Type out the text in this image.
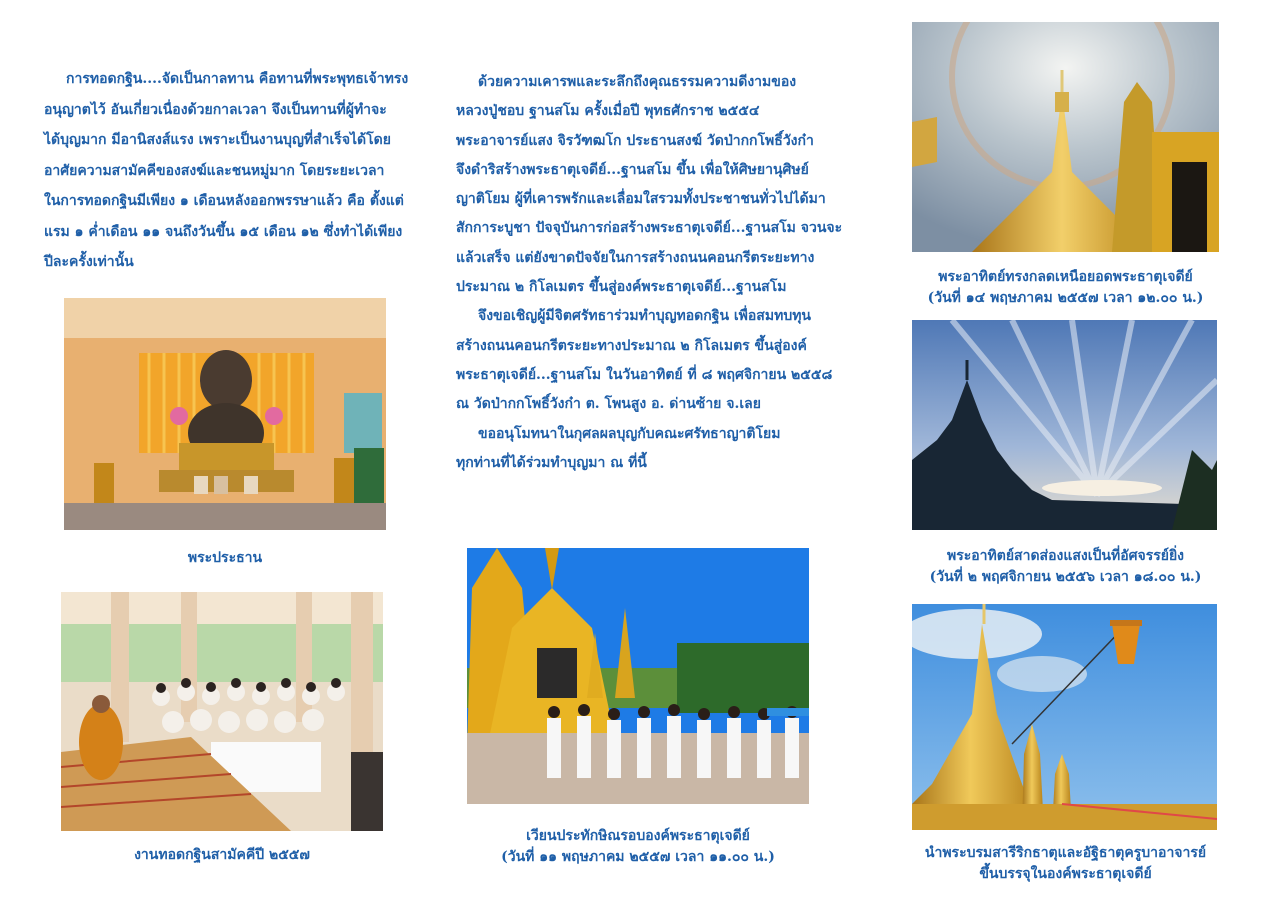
การทอดกฐิน....จัดเป็นกาลทาน คือทานที่พระพุทธเจ้าทรง

อนุญาตไว้ อันเกี่ยวเนื่องด้วยกาลเวลา จึงเป็นทานที่ผู้ทำจะ

ได้บุญมาก มีอานิสงส์แรง เพราะเป็นงานบุญที่สำเร็จได้โดย

อาศัยความสามัคคีของสงฆ์และชนหมู่มาก โดยระยะเวลา

ในการทอดกฐินมีเพียง ๑ เดือนหลังออกพรรษาแล้ว คือ ตั้งแต่

แรม ๑ ค่ำเดือน ๑๑ จนถึงวันขึ้น ๑๕ เดือน ๑๒ ซึ่งทำได้เพียง

ปีละครั้งเท่านั้น

ด้วยความเคารพและระลึกถึงคุณธรรมความดีงามของ

หลวงปู่ชอบ ฐานสโม ครั้งเมื่อปี พุทธศักราช ๒๕๕๔

พระอาจารย์แสง จิรวัฑฒโก ประธานสงฆ์ วัดป่ากกโพธิ์วังก๋า

จึงดำริสร้างพระธาตุเจดีย์...ฐานสโม ขึ้น เพื่อให้ศิษยานุศิษย์

ญาติโยม ผู้ที่เคารพรักและเลื่อมใสรวมทั้งประชาชนทั่วไปได้มา

สักการะบูชา ปัจจุบันการก่อสร้างพระธาตุเจดีย์...ฐานสโม จวนจะ

แล้วเสร็จ แต่ยังขาดปัจจัยในการสร้างถนนคอนกรีตระยะทาง

ประมาณ ๒ กิโลเมตร ขึ้นสู่องค์พระธาตุเจดีย์...ฐานสโม

จึงขอเชิญผู้มีจิตศรัทธาร่วมทำบุญทอดกฐิน เพื่อสมทบทุน

สร้างถนนคอนกรีตระยะทางประมาณ ๒ กิโลเมตร ขึ้นสู่องค์

พระธาตุเจดีย์...ฐานสโม ในวันอาทิตย์ ที่ ๘ พฤศจิกายน ๒๕๕๘

ณ วัดป่ากกโพธิ์วังก๋า ต. โพนสูง อ. ด่านซ้าย จ.เลย

ขออนุโมทนาในกุศลผลบุญกับคณะศรัทธาญาติโยม

ทุกท่านที่ได้ร่วมทำบุญมา ณ ที่นี้

พระประธาน
งานทอดกฐินสามัคคีปี ๒๕๕๗
เวียนประทักษิณรอบองค์พระธาตุเจดีย์
(วันที่ ๑๑ พฤษภาคม ๒๕๕๗ เวลา ๑๑.๐๐ น.)
พระอาทิตย์ทรงกลดเหนือยอดพระธาตุเจดีย์
(วันที่ ๑๔ พฤษภาคม ๒๕๕๗ เวลา ๑๒.๐๐ น.)
พระอาทิตย์สาดส่องแสงเป็นที่อัศจรรย์ยิ่ง
(วันที่ ๒ พฤศจิกายน ๒๕๕๖ เวลา ๑๘.๐๐ น.)
นำพระบรมสารีริกธาตุและอัฐิธาตุครูบาอาจารย์
ขึ้นบรรจุในองค์พระธาตุเจดีย์
